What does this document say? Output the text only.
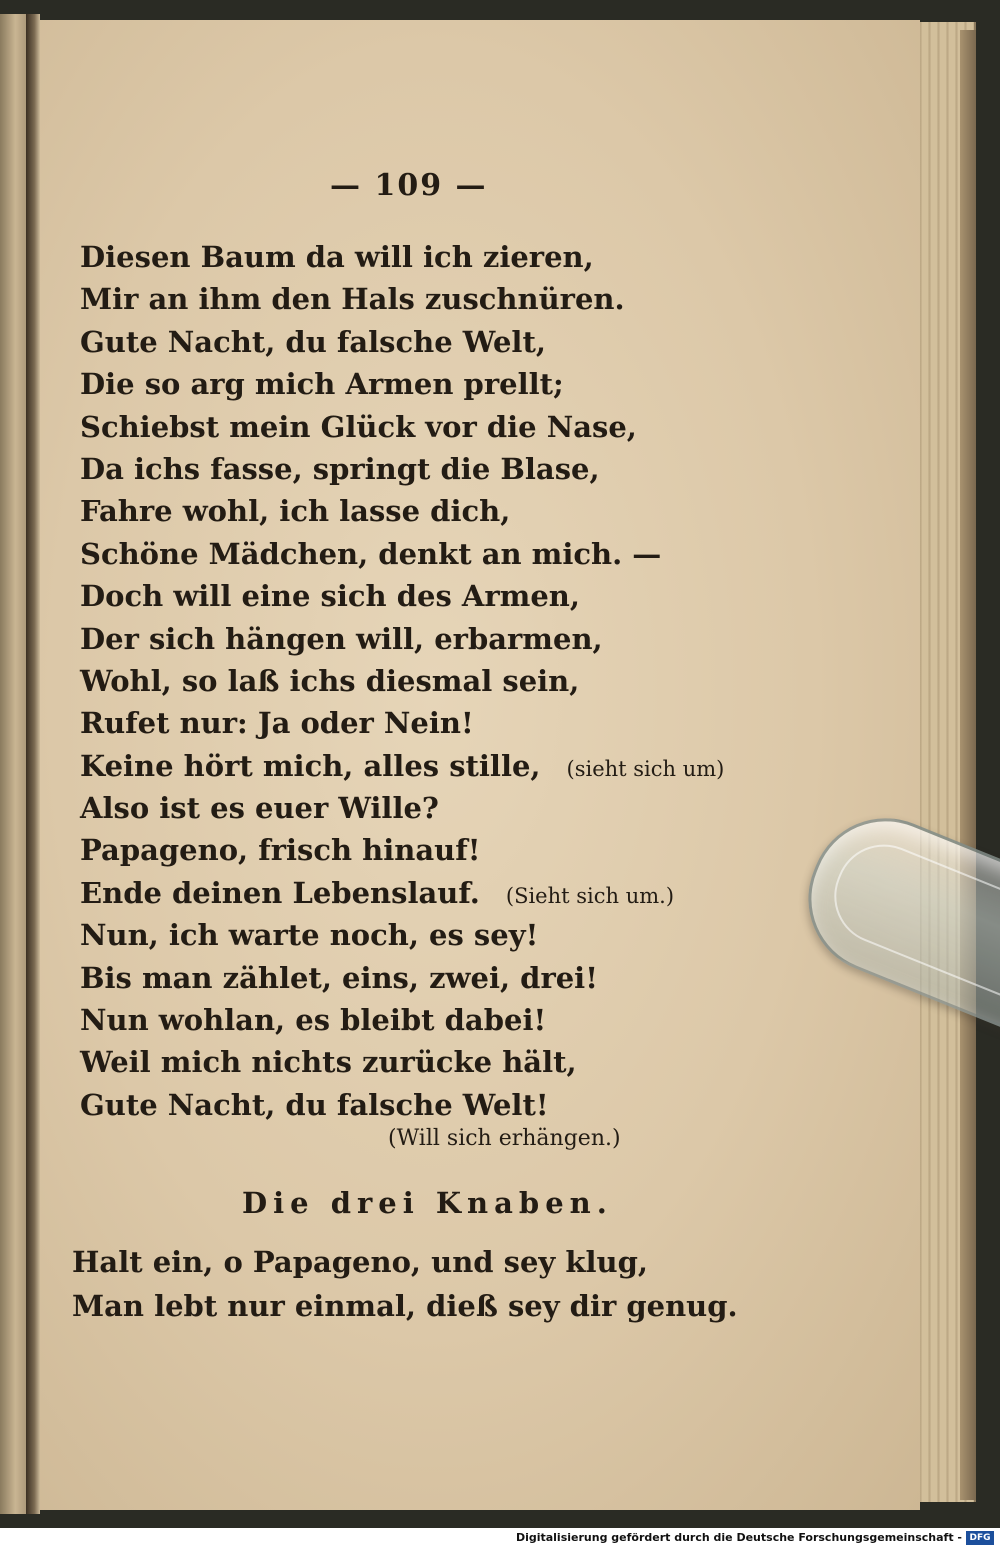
— 109 —
Diesen Baum da will ich zieren,
Mir an ihm den Hals zuschnüren.
Gute Nacht, du falsche Welt,
Die so arg mich Armen prellt;
Schiebst mein Glück vor die Nase,
Da ichs fasse, springt die Blase,
Fahre wohl, ich lasse dich,
Schöne Mädchen, denkt an mich. —
Doch will eine sich des Armen,
Der sich hängen will, erbarmen,
Wohl, so laß ichs diesmal sein,
Rufet nur: Ja oder Nein!
Keine hört mich, alles stille, (sieht sich um)
Also ist es euer Wille?
Papageno, frisch hinauf!
Ende deinen Lebenslauf. (Sieht sich um.)
Nun, ich warte noch, es sey!
Bis man zählet, eins, zwei, drei!
Nun wohlan, es bleibt dabei!
Weil mich nichts zurücke hält,
Gute Nacht, du falsche Welt!
(Will sich erhängen.)
Die drei Knaben.
Halt ein, o Papageno, und sey klug,
Man lebt nur einmal, dieß sey dir genug.
Digitalisierung gefördert durch die Deutsche Forschungsgemeinschaft - DFG
